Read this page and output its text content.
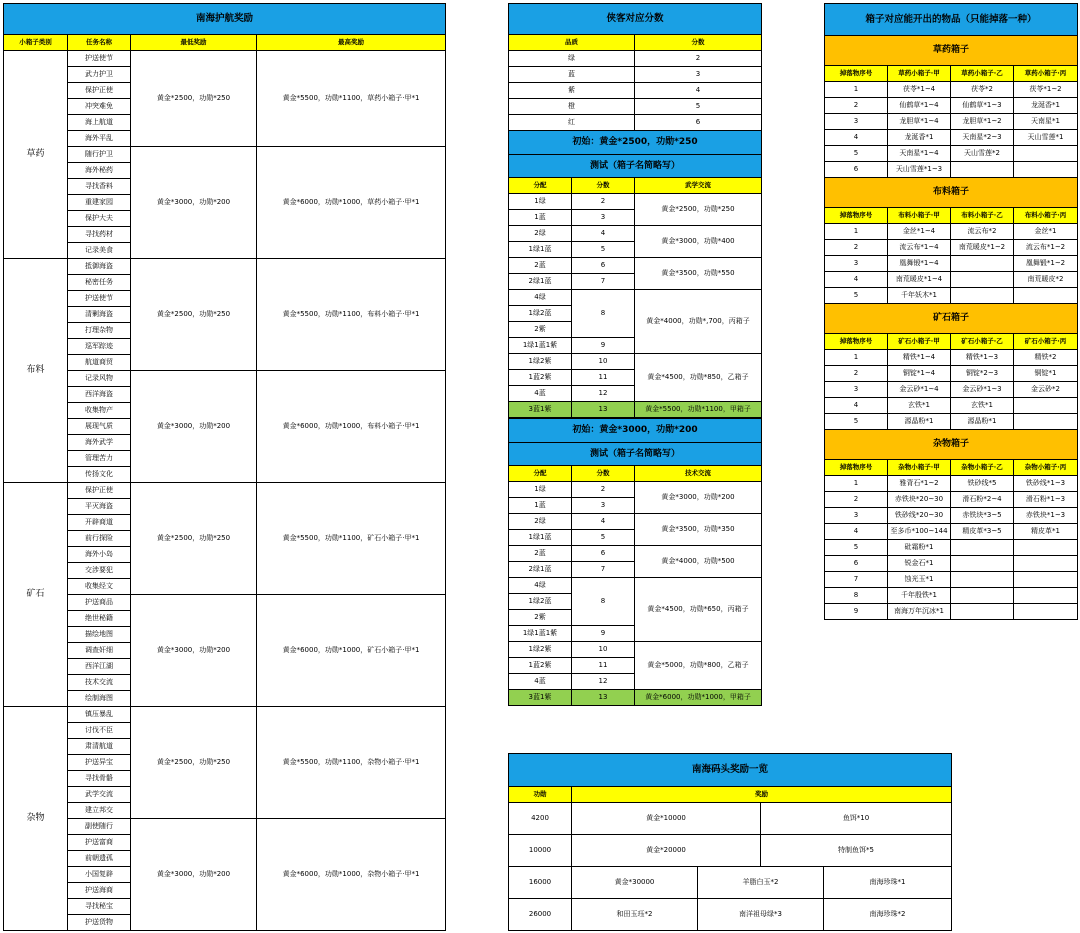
南海护航奖励			
小箱子类别	任务名称	最低奖励	最高奖励
草药	护送使节	黄金*2500，功勋*250	黄金*5500，功勋*1100，草药小箱子·甲*1
	武力护卫		
	保护正使		
	冲突难免		
	海上航道		
	海外平乱		
	随行护卫	黄金*3000，功勋*200	黄金*6000，功勋*1000，草药小箱子·甲*1
	海外秘药		
	寻找香料		
	重建家园		
	保护大夫		
	寻找药材		
	记录美食		
布料	抵御海盗	黄金*2500，功勋*250	黄金*5500，功勋*1100，布料小箱子·甲*1
	秘密任务		
	护送使节		
	清剿海盗		
	打理杂物		
	巡军踪迹		
	航道商贸		
	记录风物	黄金*3000，功勋*200	黄金*6000，功勋*1000，布料小箱子·甲*1
	西洋海盗		
	收集物产		
	展现气质		
	海外武学		
	管理苦力		
	传扬文化		
矿石	保护正使	黄金*2500，功勋*250	黄金*5500，功勋*1100，矿石小箱子·甲*1
	平灭海盗		
	开辟商道		
	前行探险		
	海外小岛		
	交涉要犯		
	收集经文		
	护送商品	黄金*3000，功勋*200	黄金*6000，功勋*1000，矿石小箱子·甲*1
	绝世秘籍		
	描绘地图		
	调查奸细		
	西洋江湖		
	技术交流		
	绘制海图		
杂物	镇压暴乱	黄金*2500，功勋*250	黄金*5500，功勋*1100，杂物小箱子·甲*1
	讨伐不臣		
	肃清航道		
	护送异宝		
	寻找骨骼		
	武学交流		
	建立邦交		
	副使随行	黄金*3000，功勋*200	黄金*6000，功勋*1000，杂物小箱子·甲*1
	护送富商		
	前朝遗孤		
	小国复辟		
	护送海商		
	寻找秘宝		
	护送货物		
侠客对应分数	
品质	分数
绿	2
蓝	3
紫	4
橙	5
红	6
初始：黄金*2500，功勋*250		
测试（箱子名简略写）		
分配	分数	武学交流
1绿	2	黄金*2500，功勋*250
1蓝	3	
2绿	4	黄金*3000，功勋*400
1绿1蓝	5	
2蓝	6	黄金*3500，功勋*550
2绿1蓝	7	
4绿	8	黄金*4000，功勋*,700，丙箱子
1绿2蓝		
2紫		
1绿1蓝1紫	9	
1绿2紫	10	黄金*4500，功勋*850，乙箱子
1蓝2紫	11	
4蓝	12	
3蓝1紫	13	黄金*5500，功勋*1100，甲箱子
初始：黄金*3000，功勋*200		
测试（箱子名简略写）		
分配	分数	技术交流
1绿	2	黄金*3000，功勋*200
1蓝	3	
2绿	4	黄金*3500，功勋*350
1绿1蓝	5	
2蓝	6	黄金*4000，功勋*500
2绿1蓝	7	
4绿	8	黄金*4500，功勋*650，丙箱子
1绿2蓝		
2紫		
1绿1蓝1紫	9	
1绿2紫	10	黄金*5000，功勋*800，乙箱子
1蓝2紫	11	
4蓝	12	
3蓝1紫	13	黄金*6000，功勋*1000，甲箱子
南海码头奖励一览				
功勋	奖励			
4200	黄金*10000		鱼饵*10	
10000	黄金*20000		特制鱼饵*5	
16000	黄金*30000	羊脂白玉*2		南海珍珠*1
26000	和田玉珏*2	南洋祖母绿*3		南海珍珠*2
箱子对应能开出的物品（只能掉落一种）			
草药箱子			
掉落物序号	草药小箱子·甲	草药小箱子·乙	草药小箱子·丙
1	茯苓*1~4	茯苓*2	茯苓*1~2
2	仙鹤草*1~4	仙鹤草*1~3	龙涎香*1
3	龙胆草*1~4	龙胆草*1~2	天南星*1
4	龙涎香*1	天南星*2~3	天山雪莲*1
5	天南星*1~4	天山雪莲*2	
6	天山雪莲*1~3		
布料箱子			
掉落物序号	布料小箱子·甲	布料小箱子·乙	布料小箱子·丙
1	金丝*1~4	流云布*2	金丝*1
2	流云布*1~4	南荒暖皮*1~2	流云布*1~2
3	凰舞锻*1~4		凰舞锻*1~2
4	南荒暖皮*1~4		南荒暖皮*2
5	千年妖木*1		
矿石箱子			
掉落物序号	矿石小箱子·甲	矿石小箱子·乙	矿石小箱子·丙
1	精铁*1~4	精铁*1~3	精铁*2
2	铜锭*1~4	铜锭*2~3	铜锭*1
3	金云砂*1~4	金云砂*1~3	金云砂*2
4	玄铁*1	玄铁*1	
5	源晶粉*1	源晶粉*1	
杂物箱子			
掉落物序号	杂物小箱子·甲	杂物小箱子·乙	杂物小箱子·丙
1	雅背石*1~2	铁砂线*5	铁砂线*1~3
2	赤铁块*20~30	滑石粉*2~4	滑石粉*1~3
3	铁砂线*20~30	赤铁块*3~5	赤铁块*1~3
4	至多币*100~144	精皮革*3~5	精皮革*1
5	砒霜粉*1		
6	锐金石*1		
7	蚀光玉*1		
8	千年殷铁*1		
9	南海万年沉冰*1		
